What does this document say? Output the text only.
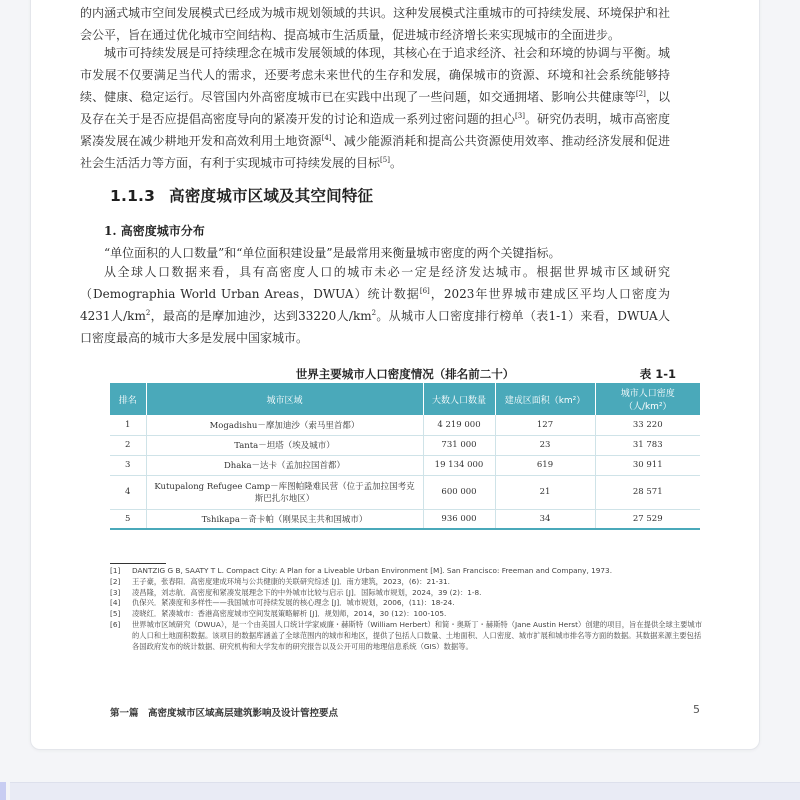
的内涵式城市空间发展模式已经成为城市规划领域的共识。这种发展模式注重城市的可持续发展、环境保护和社会公平，旨在通过优化城市空间结构、提高城市生活质量，促进城市经济增长来实现城市的全面进步。
城市可持续发展是可持续理念在城市发展领域的体现，其核心在于追求经济、社会和环境的协调与平衡。城市发展不仅要满足当代人的需求，还要考虑未来世代的生存和发展，确保城市的资源、环境和社会系统能够持续、健康、稳定运行。尽管国内外高密度城市已在实践中出现了一些问题，如交通拥堵、影响公共健康等[2]，以及存在关于是否应提倡高密度导向的紧凑开发的讨论和造成一系列过密问题的担心[3]。研究仍表明，城市高密度紧凑发展在减少耕地开发和高效利用土地资源[4]、减少能源消耗和提高公共资源使用效率、推动经济发展和促进社会生活活力等方面，有利于实现城市可持续发展的目标[5]。
1.1.3 高密度城市区域及其空间特征
1. 高密度城市分布
“单位面积的人口数量”和“单位面积建设量”是最常用来衡量城市密度的两个关键指标。
从全球人口数据来看，具有高密度人口的城市未必一定是经济发达城市。根据世界城市区域研究（Demographia World Urban Areas，DWUA）统计数据[6]，2023年世界城市建成区平均人口密度为4231人$/km^2$，最高的是摩加迪沙，达到33220人$/km^2$。从城市人口密度排行榜单（表1-1）来看，DWUA人口密度最高的城市大多是发展中国家城市。
世界主要城市人口密度情况（排名前二十）	表 1-1
排名	城市区域	大数人口数量	建成区面积（km²）	城市人口密度（人/km²）
1	Mogadishu－摩加迪沙（索马里首都）	4 219 000	127	33 220
2	Tanta－坦塔（埃及城市）	731 000	23	31 783
3	Dhaka－达卡（孟加拉国首都）	19 134 000	619	30 911
4	Kutupalong Refugee Camp－库图帕隆难民营（位于孟加拉国考克斯巴扎尔地区）	600 000	21	28 571
5	Tshikapa－奇卡帕（刚果民主共和国城市）	936 000	34	27 529
[1]	DANTZIG G B, SAATY T L. Compact City: A Plan for a Liveable Urban Environment [M]. San Francisco: Freeman and Company, 1973.
[2]	王子豪，张春阳．高密度建成环境与公共健康的关联研究综述 [J]．南方建筑，2023，(6)：21-31.
[3]	凌昌隆，刘志航．高密度和紧凑发展理念下的中外城市比较与启示 [J]．国际城市规划，2024，39 (2)：1-8.
[4]	仇保兴．紧凑度和多样性——我国城市可持续发展的核心理念 [J]．城市规划，2006，(11)：18-24.
[5]	凌晓红．紧凑城市：香港高密度城市空间发展策略解析 [J]．规划师，2014，30 (12)：100-105.
[6]	世界城市区域研究（DWUA），是一个由美国人口统计学家威廉・赫斯特（William Herbert）和简・奥斯丁・赫斯特（Jane Austin Herst）创建的项目，旨在提供全球主要城市的人口和土地面积数据。该项目的数据库涵盖了全球范围内的城市和地区，提供了包括人口数量、土地面积、人口密度、城市扩展和城市排名等方面的数据。其数据来源主要包括各国政府发布的统计数据、研究机构和大学发布的研究报告以及公开可用的地理信息系统（GIS）数据等。
第一篇　高密度城市区域高层建筑影响及设计管控要点	5
